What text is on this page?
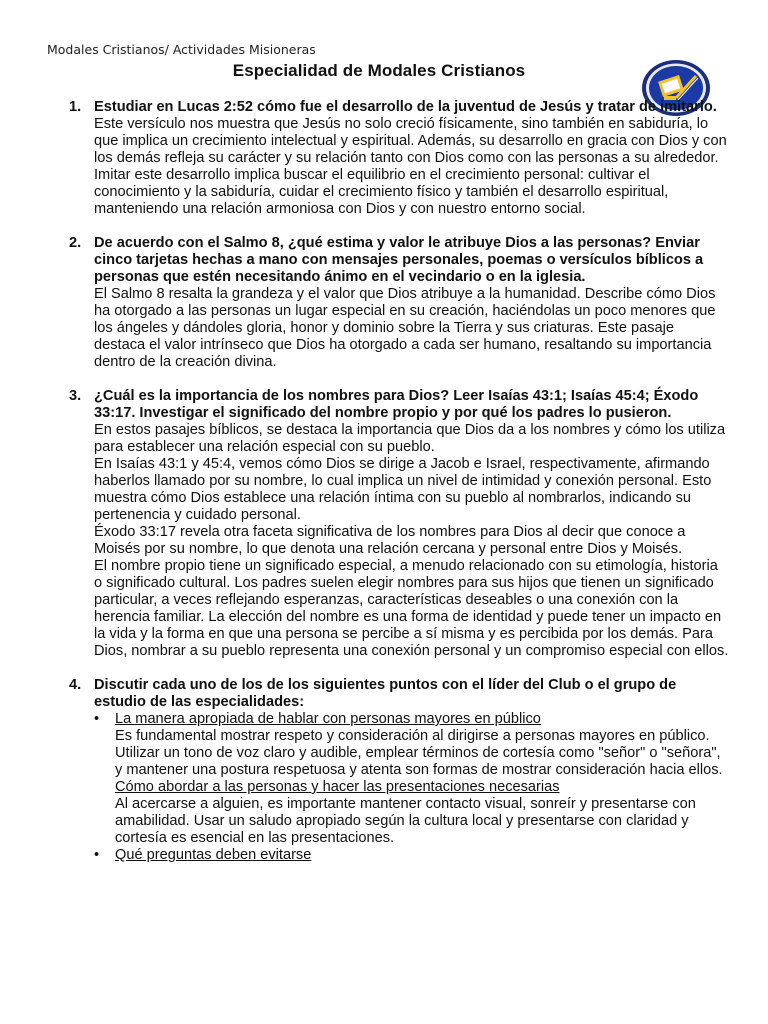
Modales Cristianos/ Actividades Misioneras
Especialidad de Modales Cristianos
1. Estudiar en Lucas 2:52 cómo fue el desarrollo de la juventud de Jesús y tratar de imitarlo.

Este versículo nos muestra que Jesús no solo creció físicamente, sino también en sabiduría, lo que implica un crecimiento intelectual y espiritual. Además, su desarrollo en gracia con Dios y con los demás refleja su carácter y su relación tanto con Dios como con las personas a su alrededor.

Imitar este desarrollo implica buscar el equilibrio en el crecimiento personal: cultivar el conocimiento y la sabiduría, cuidar el crecimiento físico y también el desarrollo espiritual, manteniendo una relación armoniosa con Dios y con nuestro entorno social.

2. De acuerdo con el Salmo 8, ¿qué estima y valor le atribuye Dios a las personas? Enviar cinco tarjetas hechas a mano con mensajes personales, poemas o versículos bíblicos a personas que estén necesitando ánimo en el vecindario o en la iglesia.

El Salmo 8 resalta la grandeza y el valor que Dios atribuye a la humanidad. Describe cómo Dios ha otorgado a las personas un lugar especial en su creación, haciéndolas un poco menores que los ángeles y dándoles gloria, honor y dominio sobre la Tierra y sus criaturas. Este pasaje destaca el valor intrínseco que Dios ha otorgado a cada ser humano, resaltando su importancia dentro de la creación divina.

3. ¿Cuál es la importancia de los nombres para Dios? Leer Isaías 43:1; Isaías 45:4; Éxodo 33:17. Investigar el significado del nombre propio y por qué los padres lo pusieron.

En estos pasajes bíblicos, se destaca la importancia que Dios da a los nombres y cómo los utiliza para establecer una relación especial con su pueblo.

En Isaías 43:1 y 45:4, vemos cómo Dios se dirige a Jacob e Israel, respectivamente, afirmando haberlos llamado por su nombre, lo cual implica un nivel de intimidad y conexión personal. Esto muestra cómo Dios establece una relación íntima con su pueblo al nombrarlos, indicando su pertenencia y cuidado personal.

Éxodo 33:17 revela otra faceta significativa de los nombres para Dios al decir que conoce a Moisés por su nombre, lo que denota una relación cercana y personal entre Dios y Moisés.

El nombre propio tiene un significado especial, a menudo relacionado con su etimología, historia o significado cultural. Los padres suelen elegir nombres para sus hijos que tienen un significado particular, a veces reflejando esperanzas, características deseables o una conexión con la herencia familiar. La elección del nombre es una forma de identidad y puede tener un impacto en la vida y la forma en que una persona se percibe a sí misma y es percibida por los demás. Para Dios, nombrar a su pueblo representa una conexión personal y un compromiso especial con ellos.

4. Discutir cada uno de los de los siguientes puntos con el líder del Club o el grupo de estudio de las especialidades:
• La manera apropiada de hablar con personas mayores en público

Es fundamental mostrar respeto y consideración al dirigirse a personas mayores en público. Utilizar un tono de voz claro y audible, emplear términos de cortesía como "señor" o "señora", y mantener una postura respetuosa y atenta son formas de mostrar consideración hacia ellos.

Cómo abordar a las personas y hacer las presentaciones necesarias

Al acercarse a alguien, es importante mantener contacto visual, sonreír y presentarse con amabilidad. Usar un saludo apropiado según la cultura local y presentarse con claridad y cortesía es esencial en las presentaciones.

• Qué preguntas deben evitarse
